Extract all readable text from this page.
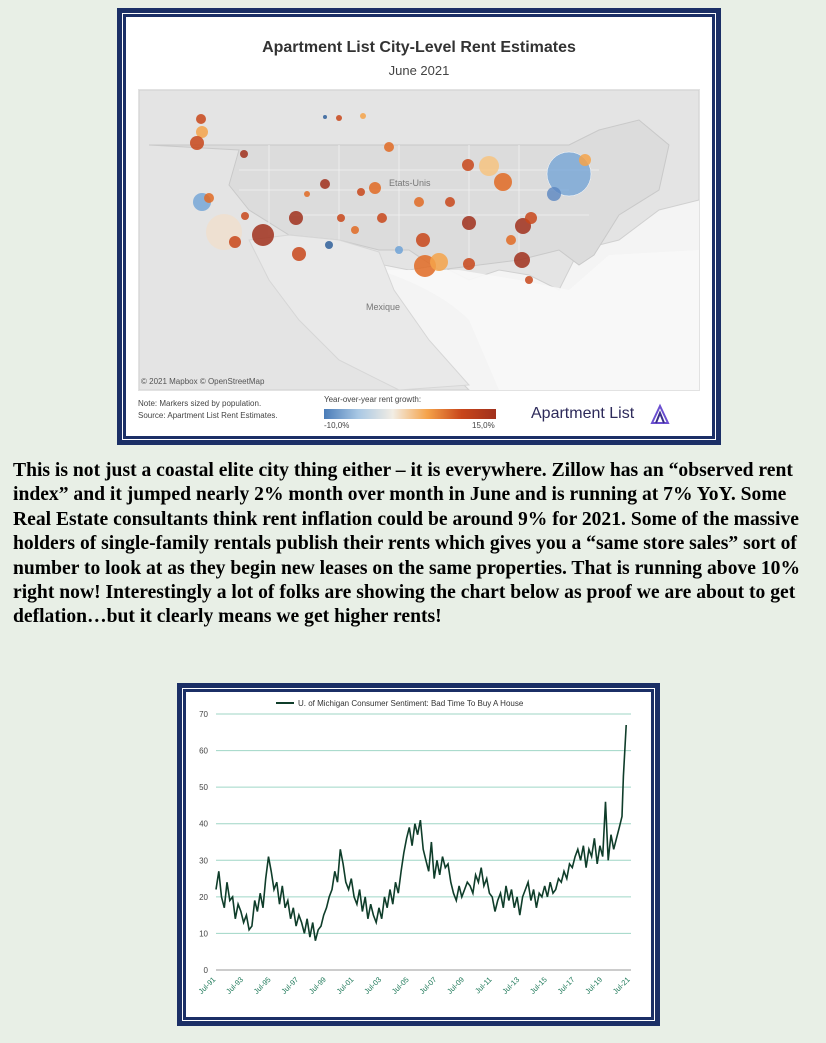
Apartment List City-Level Rent Estimates
June 2021
Etats-Unis
Mexique
© 2021 Mapbox © OpenStreetMap
Note: Markers sized by population.
Source: Apartment List Rent Estimates.
Year-over-year rent growth:
-10,0%	15,0%
Apartment List

This is not just a coastal elite city thing either – it is everywhere. Zillow has an “observed rent index” and it jumped nearly 2% month over month in June and is running at 7% YoY. Some Real Estate consultants think rent inflation could be around 9% for 2021. Some of the massive holders of single-family rentals publish their rents which gives you a “same store sales” sort of number to look at as they begin new leases on the same properties. That is running above 10% right now! Interestingly a lot of folks are showing the chart below as proof we are about to get deflation…but it clearly means we get higher rents!

U. of Michigan Consumer Sentiment: Bad Time To Buy A House
0
10
20
30
40
50
60
70
Jul-91 Jul-93 Jul-95 Jul-97 Jul-99 Jul-01 Jul-03 Jul-05 Jul-07 Jul-09 Jul-11 Jul-13 Jul-15 Jul-17 Jul-19 Jul-21
